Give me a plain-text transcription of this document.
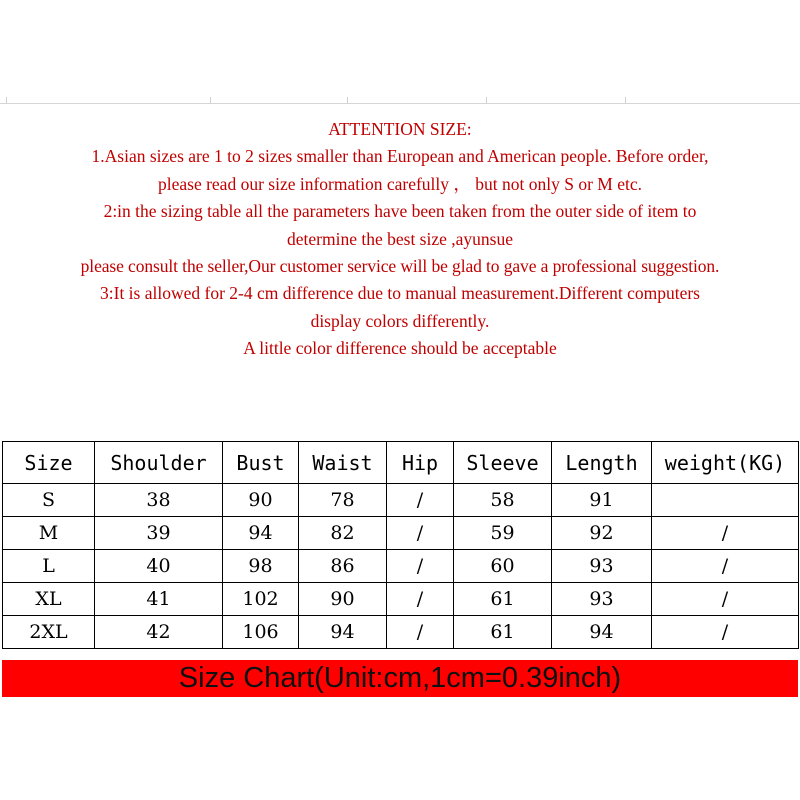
ATTENTION SIZE:
1.Asian sizes are 1 to 2 sizes smaller than European and American people. Before order,
please read our size information carefully ， but not only S or M etc.
2:in the sizing table all the parameters have been taken from the outer side of item to
determine the best size ,ayunsue
please consult the seller,Our customer service will be glad to gave a professional suggestion.
3:It is allowed for 2-4 cm difference due to manual measurement.Different computers
display colors differently.
A little color difference should be acceptable
Size	Shoulder	Bust	Waist	Hip	Sleeve	Length	weight(KG)
S	38	90	78	/	58	91	
M	39	94	82	/	59	92	/
L	40	98	86	/	60	93	/
XL	41	102	90	/	61	93	/
2XL	42	106	94	/	61	94	/
Size Chart(Unit:cm,1cm=0.39inch)
